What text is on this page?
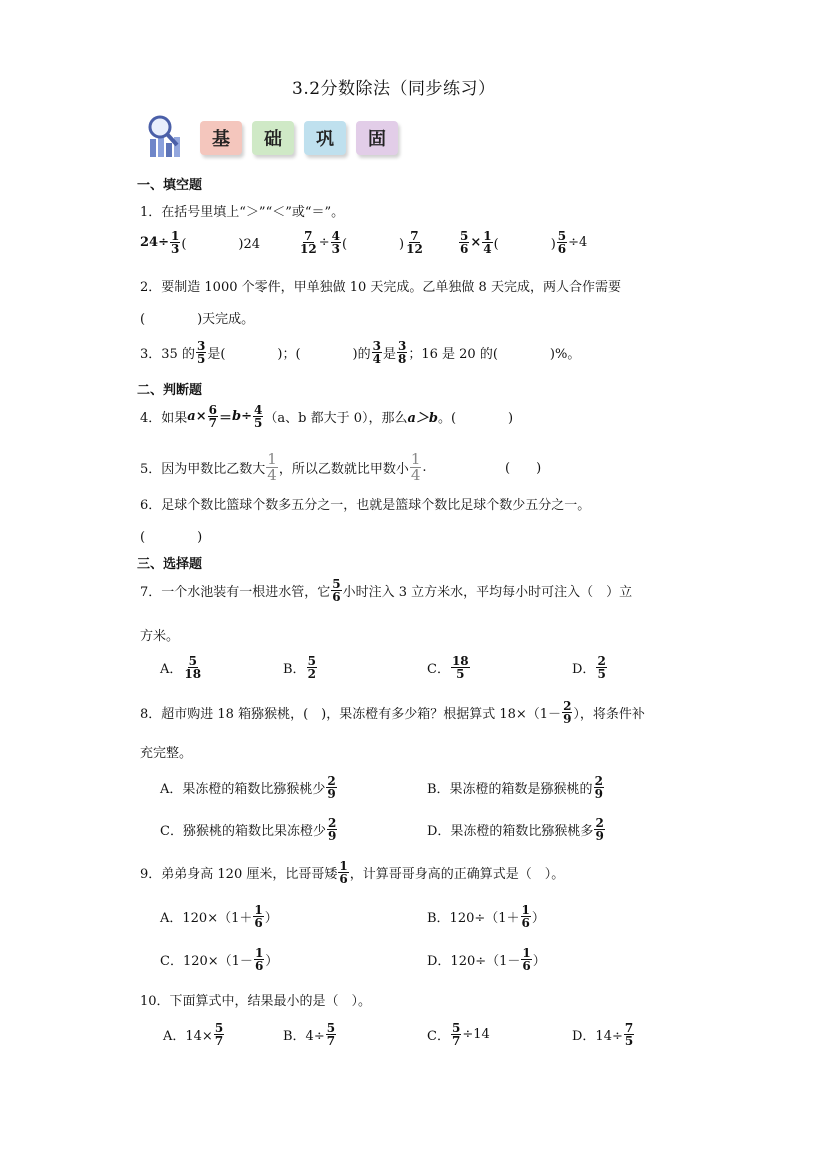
3.2分数除法（同步练习）
基	础	巩	固
一、填空题
1．在括号里填上“＞”“＜”或“＝”。
$24\div \frac{1}{3}$ (　　　　)24	$\frac{7}{12} \div \frac{4}{3}$ (　　　　) $\frac{7}{12}$	$\frac{5}{6} \times \frac{1}{4}$ (　　　　) $\frac{5}{6} \div 4$
2．要制造 1000 个零件，甲单独做 10 天完成。乙单独做 8 天完成，两人合作需要
(　　　　)天完成。
3．35 的 $\frac{3}{5}$ 是(　　　　)；(　　　　)的 $\frac{3}{4}$ 是 $\frac{3}{8}$ ；16 是 20 的(　　　　)%。
二、判断题
4．如果 $a \times \frac{6}{7} = b \div \frac{4}{5} (a$、b 都大于 0），那么 a＞b 。(　　　　)
5．因为甲数比乙数大 $\frac{1}{4}$ ，所以乙数就比甲数小 $\frac{1}{4}$ .	(　　)
6．足球个数比篮球个数多五分之一，也就是篮球个数比足球个数少五分之一。
(　　　　)
三、选择题
7．一个水池装有一根进水管，它 $\frac{5}{6}$ 小时注入 3 立方米水，平均每小时可注入（　）立
方米。
A． $\frac{5}{18}$	B． $\frac{5}{2}$	C． $\frac{18}{5}$	D． $\frac{2}{5}$
8．超市购进 18 箱猕猴桃，(　)，果冻橙有多少箱？根据算式 $18\times(1- \frac{2}{9}$ ），将条件补
充完整。
A．果冻橙的箱数比猕猴桃少 $\frac{2}{9}$	B．果冻橙的箱数是猕猴桃的 $\frac{2}{9}$
C．猕猴桃的箱数比果冻橙少 $\frac{2}{9}$	D．果冻橙的箱数比猕猴桃多 $\frac{2}{9}$
9．弟弟身高 120 厘米，比哥哥矮 $\frac{1}{6}$ ，计算哥哥身高的正确算式是（　）。
A．$120\times(1+ \frac{1}{6}$ ）	B．$120\div(1+ \frac{1}{6}$ ）
C．$120\times(1- \frac{1}{6}$ ）	D．$120\div(1- \frac{1}{6}$ ）
10．下面算式中，结果最小的是（　）。
A．$14\times \frac{5}{7}$	B．$4\div \frac{5}{7}$	C． $\frac{5}{7} \div 14$	D．$14\div \frac{7}{5}$
